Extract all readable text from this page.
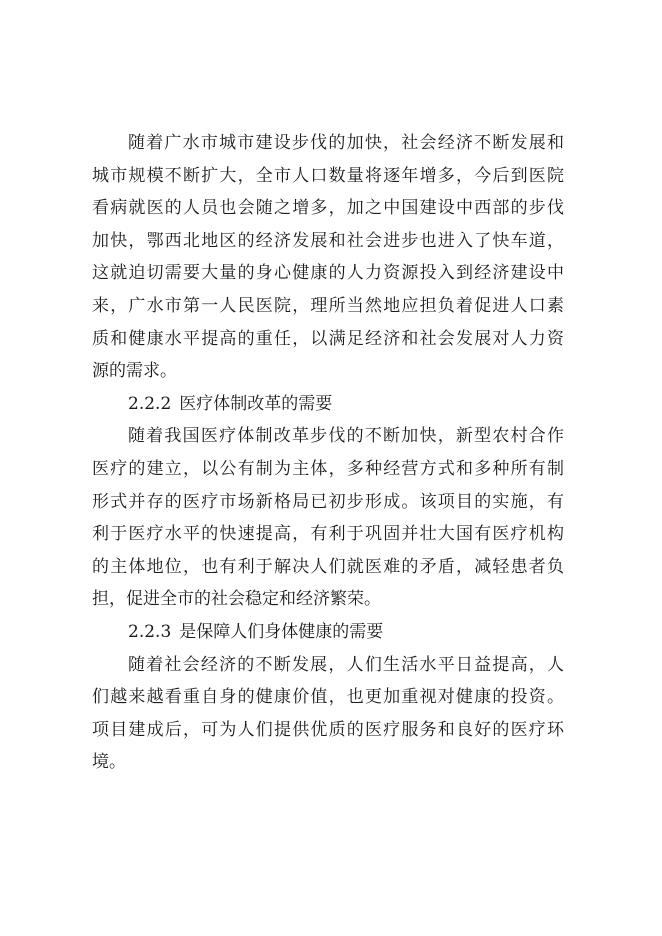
随着广水市城市建设步伐的加快，社会经济不断发展和
城市规模不断扩大，全市人口数量将逐年增多，今后到医院
看病就医的人员也会随之增多，加之中国建设中西部的步伐
加快，鄂西北地区的经济发展和社会进步也进入了快车道，
这就迫切需要大量的身心健康的人力资源投入到经济建设中
来，广水市第一人民医院，理所当然地应担负着促进人口素
质和健康水平提高的重任，以满足经济和社会发展对人力资
源的需求。
2.2.2 医疗体制改革的需要
随着我国医疗体制改革步伐的不断加快，新型农村合作
医疗的建立，以公有制为主体，多种经营方式和多种所有制
形式并存的医疗市场新格局已初步形成。该项目的实施，有
利于医疗水平的快速提高，有利于巩固并壮大国有医疗机构
的主体地位，也有利于解决人们就医难的矛盾，减轻患者负
担，促进全市的社会稳定和经济繁荣。
2.2.3 是保障人们身体健康的需要
随着社会经济的不断发展，人们生活水平日益提高，人
们越来越看重自身的健康价值，也更加重视对健康的投资。
项目建成后，可为人们提供优质的医疗服务和良好的医疗环
境。
